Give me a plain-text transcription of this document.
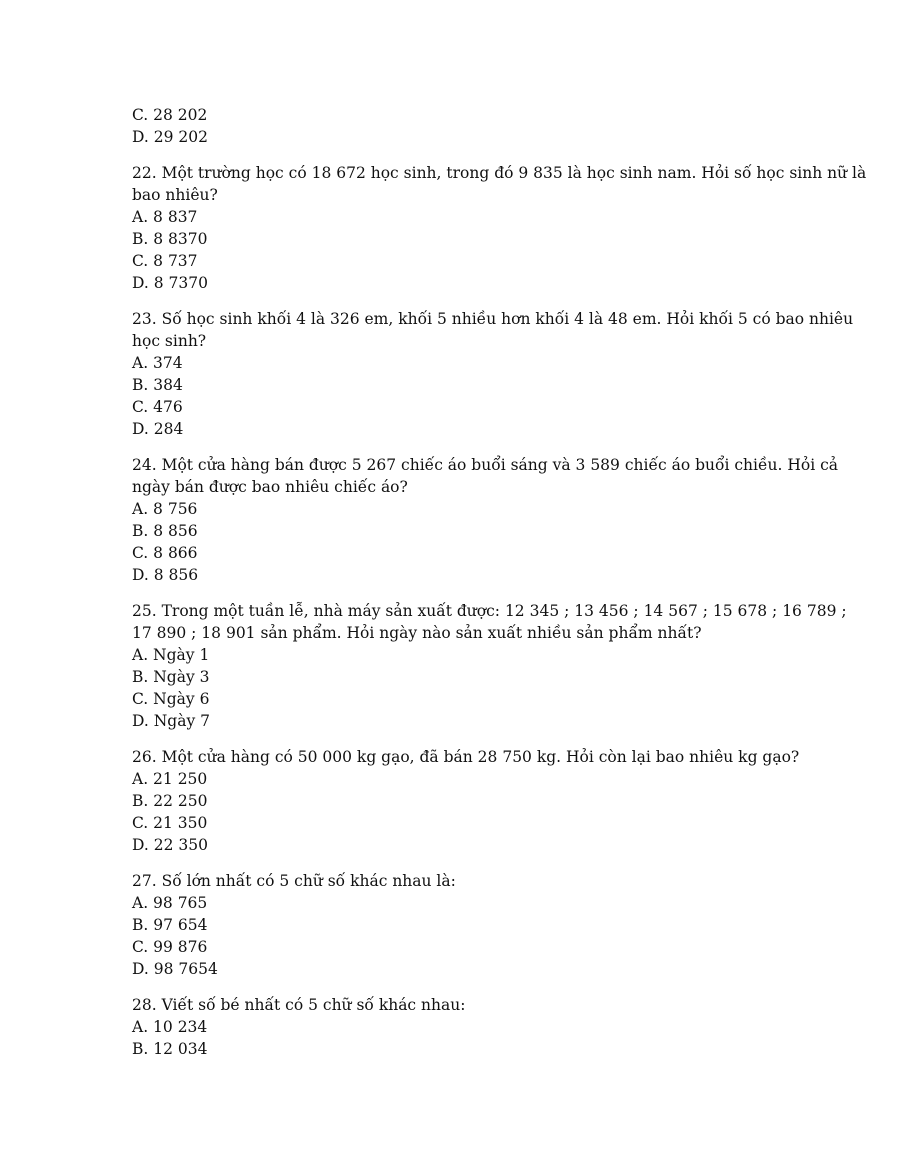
C. 28 202
D. 29 202
22. Một trường học có 18 672 học sinh, trong đó 9 835 là học sinh nam. Hỏi số học sinh nữ là
bao nhiêu?
A. 8 837
B. 8 8370
C. 8 737
D. 8 7370
23. Số học sinh khối 4 là 326 em, khối 5 nhiều hơn khối 4 là 48 em. Hỏi khối 5 có bao nhiêu
học sinh?
A. 374
B. 384
C. 476
D. 284
24. Một cửa hàng bán được 5 267 chiếc áo buổi sáng và 3 589 chiếc áo buổi chiều. Hỏi cả
ngày bán được bao nhiêu chiếc áo?
A. 8 756
B. 8 856
C. 8 866
D. 8 856
25. Trong một tuần lễ, nhà máy sản xuất được: 12 345 ; 13 456 ; 14 567 ; 15 678 ; 16 789 ;
17 890 ; 18 901 sản phẩm. Hỏi ngày nào sản xuất nhiều sản phẩm nhất?
A. Ngày 1
B. Ngày 3
C. Ngày 6
D. Ngày 7
26. Một cửa hàng có 50 000 kg gạo, đã bán 28 750 kg. Hỏi còn lại bao nhiêu kg gạo?
A. 21 250
B. 22 250
C. 21 350
D. 22 350
27. Số lớn nhất có 5 chữ số khác nhau là:
A. 98 765
B. 97 654
C. 99 876
D. 98 7654
28. Viết số bé nhất có 5 chữ số khác nhau:
A. 10 234
B. 12 034
